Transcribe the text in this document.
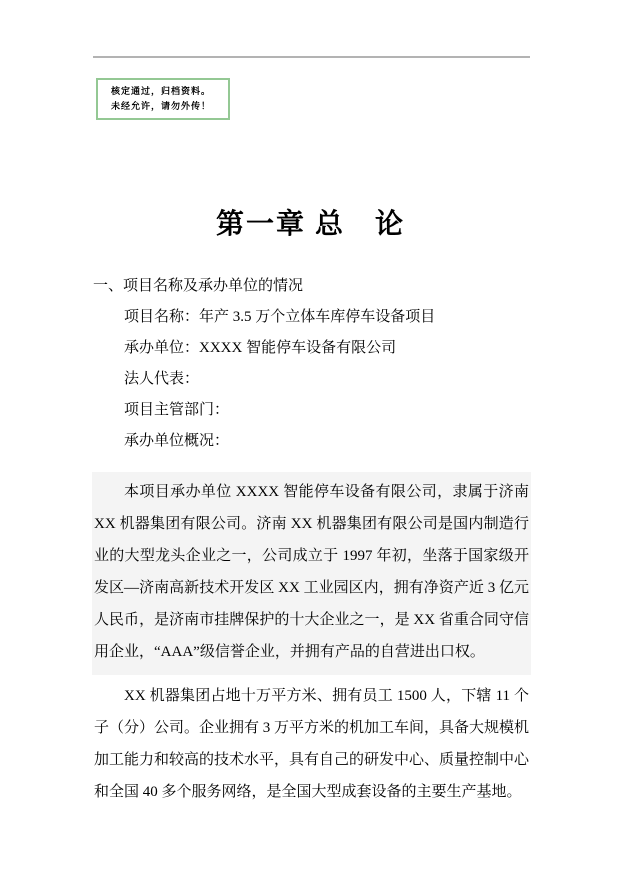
核定通过，归档资料。
未经允许，请勿外传！
第一章 总　论
一、项目名称及承办单位的情况
项目名称：年产 3.5 万个立体车库停车设备项目
承办单位：XXXX 智能停车设备有限公司
法人代表：
项目主管部门：
承办单位概况：
本项目承办单位 XXXX 智能停车设备有限公司，隶属于济南XX 机器集团有限公司。济南 XX 机器集团有限公司是国内制造行业的大型龙头企业之一，公司成立于 1997 年初，坐落于国家级开发区—济南高新技术开发区 XX 工业园区内，拥有净资产近 3 亿元人民币，是济南市挂牌保护的十大企业之一，是 XX 省重合同守信用企业，“AAA”级信誉企业，并拥有产品的自营进出口权。
XX 机器集团占地十万平方米、拥有员工 1500 人，下辖 11 个子（分）公司。企业拥有 3 万平方米的机加工车间，具备大规模机加工能力和较高的技术水平，具有自己的研发中心、质量控制中心和全国 40 多个服务网络，是全国大型成套设备的主要生产基地。
